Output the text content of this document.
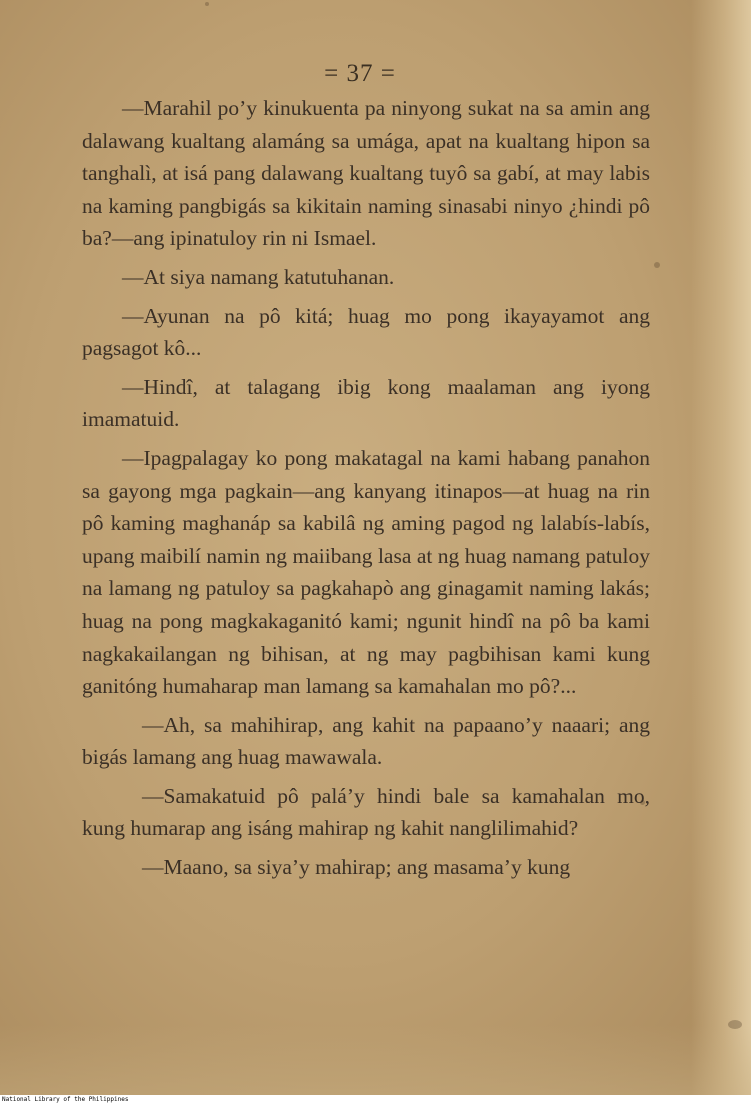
= 37 =

—Marahil po’y kinukuenta pa ninyong sukat na sa amin ang dalawang kualtang alamáng sa umága, apat na kualtang hipon sa tanghalì, at isá pang dalawang kualtang tuyô sa gabí, at may labis na kaming pangbigás sa kikitain naming sinasabi ninyo ¿hindi pô ba?—ang ipinatuloy rin ni Ismael.

—At siya namang katutuhanan.

—Ayunan na pô kitá; huag mo pong ikayayamot ang pagsagot kô...

—Hindî, at talagang ibig kong maalaman ang iyong imamatuid.

—Ipagpalagay ko pong makatagal na kami habang panahon sa gayong mga pagkain—ang kanyang itinapos—at huag na rin pô kaming maghanáp sa kabilâ ng aming pagod ng lalabís-labís, upang maibilí namin ng maiibang lasa at ng huag namang patuloy na lamang ng patuloy sa pagkahapò ang ginagamit naming lakás; huag na pong magkakaganitó kami; ngunit hindî na pô ba kami nagkakailangan ng bihisan, at ng may pagbihisan kami kung ganitóng humaharap man lamang sa kamahalan mo pô?...

—Ah, sa mahihirap, ang kahit na papaano’y naaari; ang bigás lamang ang huag mawawala.

—Samakatuid pô palá’y hindi bale sa kamahalan mo, kung humarap ang isáng mahirap ng kahit nanglilimahid?

—Maano, sa siya’y mahirap; ang masama’y kung

National Library of the Philippines
